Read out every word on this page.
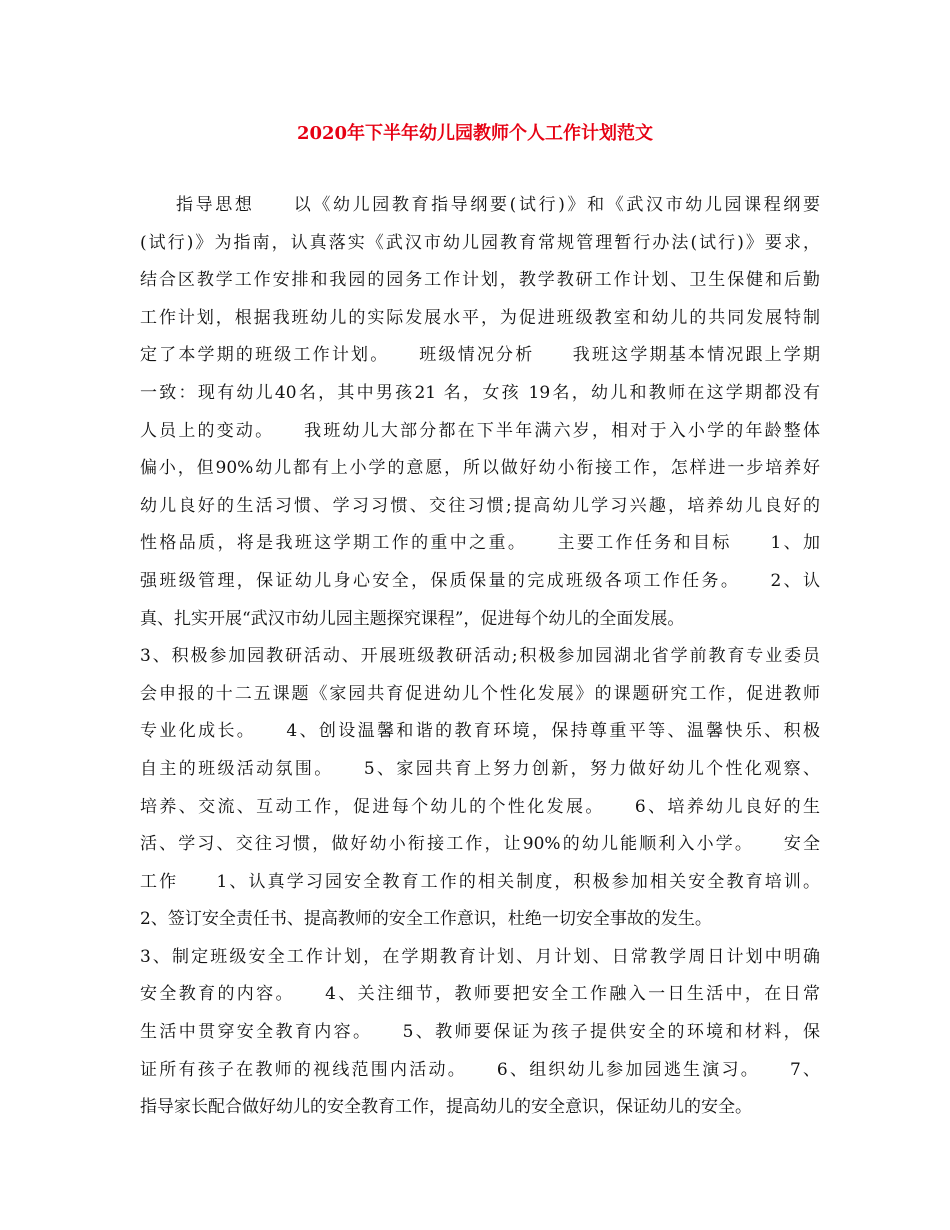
2020年下半年幼儿园教师个人工作计划范文
指导思想　　以《幼儿园教育指导纲要(试行)》和《武汉市幼儿园课程纲要
(试行)》为指南，认真落实《武汉市幼儿园教育常规管理暂行办法(试行)》要求，
结合区教学工作安排和我园的园务工作计划，教学教研工作计划、卫生保健和后勤
工作计划，根据我班幼儿的实际发展水平，为促进班级教室和幼儿的共同发展特制
定了本学期的班级工作计划。　　班级情况分析　　我班这学期基本情况跟上学期
一致：现有幼儿40名，其中男孩21 名，女孩 19名，幼儿和教师在这学期都没有
人员上的变动。　　我班幼儿大部分都在下半年满六岁，相对于入小学的年龄整体
偏小，但90%幼儿都有上小学的意愿，所以做好幼小衔接工作，怎样进一步培养好
幼儿良好的生活习惯、学习习惯、交往习惯;提高幼儿学习兴趣，培养幼儿良好的
性格品质，将是我班这学期工作的重中之重。　　主要工作任务和目标　　1、加
强班级管理，保证幼儿身心安全，保质保量的完成班级各项工作任务。　　2、认
真、扎实开展“武汉市幼儿园主题探究课程”，促进每个幼儿的全面发展。
3、积极参加园教研活动、开展班级教研活动;积极参加园湖北省学前教育专业委员
会申报的十二五课题《家园共育促进幼儿个性化发展》的课题研究工作，促进教师
专业化成长。　　4、创设温馨和谐的教育环境，保持尊重平等、温馨快乐、积极
自主的班级活动氛围。　　5、家园共育上努力创新，努力做好幼儿个性化观察、
培养、交流、互动工作，促进每个幼儿的个性化发展。　　6、培养幼儿良好的生
活、学习、交往习惯，做好幼小衔接工作，让90%的幼儿能顺利入小学。　　安全
工作　　1、认真学习园安全教育工作的相关制度，积极参加相关安全教育培训。
2、签订安全责任书、提高教师的安全工作意识，杜绝一切安全事故的发生。
3、制定班级安全工作计划，在学期教育计划、月计划、日常教学周日计划中明确
安全教育的内容。　　4、关注细节，教师要把安全工作融入一日生活中，在日常
生活中贯穿安全教育内容。　　5、教师要保证为孩子提供安全的环境和材料，保
证所有孩子在教师的视线范围内活动。　　6、组织幼儿参加园逃生演习。　　7、
指导家长配合做好幼儿的安全教育工作，提高幼儿的安全意识，保证幼儿的安全。
